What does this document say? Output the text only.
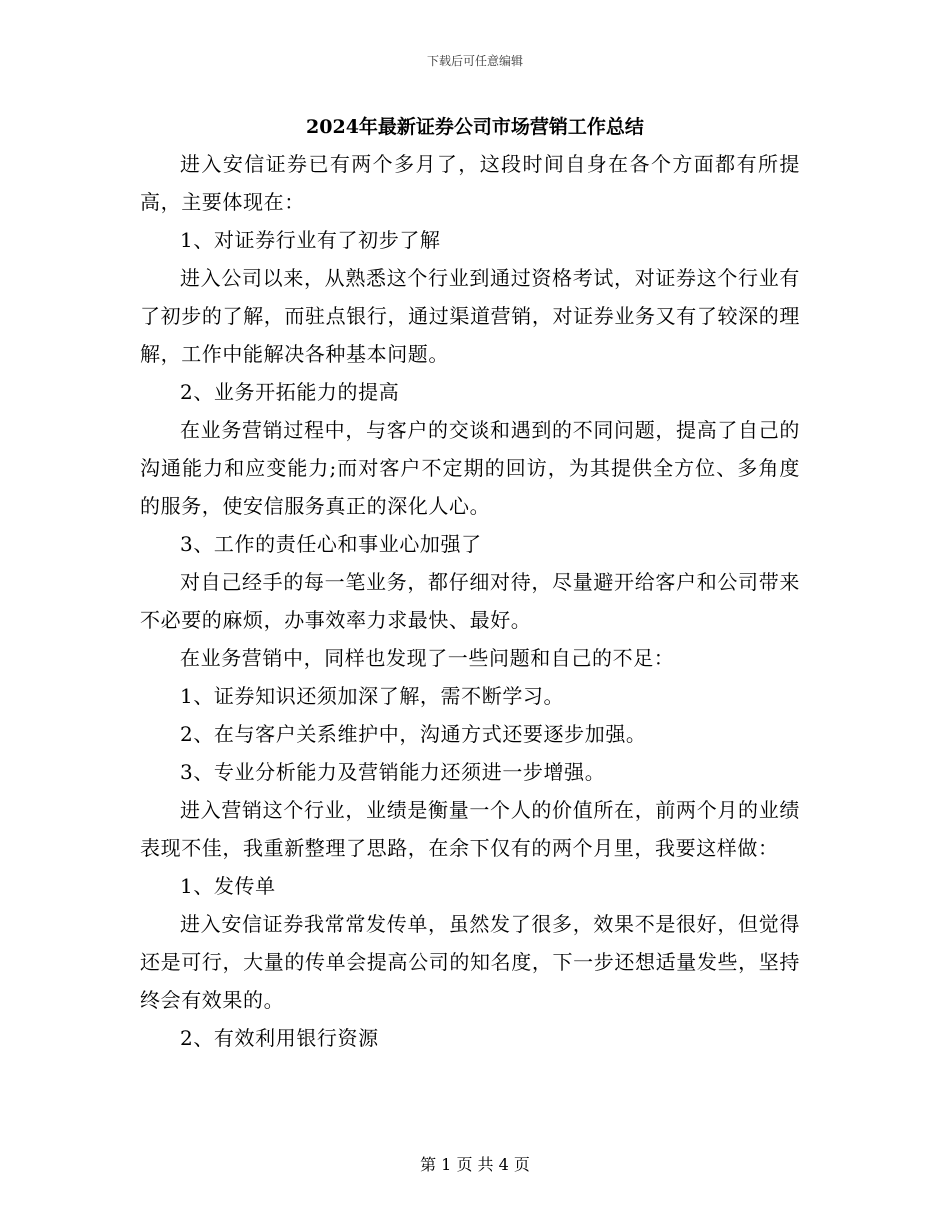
下载后可任意编辑
2024年最新证券公司市场营销工作总结

进入安信证券已有两个多月了，这段时间自身在各个方面都有所提高，主要体现在：

1、对证券行业有了初步了解

进入公司以来，从熟悉这个行业到通过资格考试，对证券这个行业有了初步的了解，而驻点银行，通过渠道营销，对证券业务又有了较深的理解，工作中能解决各种基本问题。

2、业务开拓能力的提高

在业务营销过程中，与客户的交谈和遇到的不同问题，提高了自己的沟通能力和应变能力;而对客户不定期的回访，为其提供全方位、多角度的服务，使安信服务真正的深化人心。

3、工作的责任心和事业心加强了

对自己经手的每一笔业务，都仔细对待，尽量避开给客户和公司带来不必要的麻烦，办事效率力求最快、最好。

在业务营销中，同样也发现了一些问题和自己的不足：

1、证券知识还须加深了解，需不断学习。

2、在与客户关系维护中，沟通方式还要逐步加强。

3、专业分析能力及营销能力还须进一步增强。

进入营销这个行业，业绩是衡量一个人的价值所在，前两个月的业绩表现不佳，我重新整理了思路，在余下仅有的两个月里，我要这样做：

1、发传单

进入安信证券我常常发传单，虽然发了很多，效果不是很好，但觉得还是可行，大量的传单会提高公司的知名度，下一步还想适量发些，坚持终会有效果的。

2、有效利用银行资源

第 1 页 共 4 页
